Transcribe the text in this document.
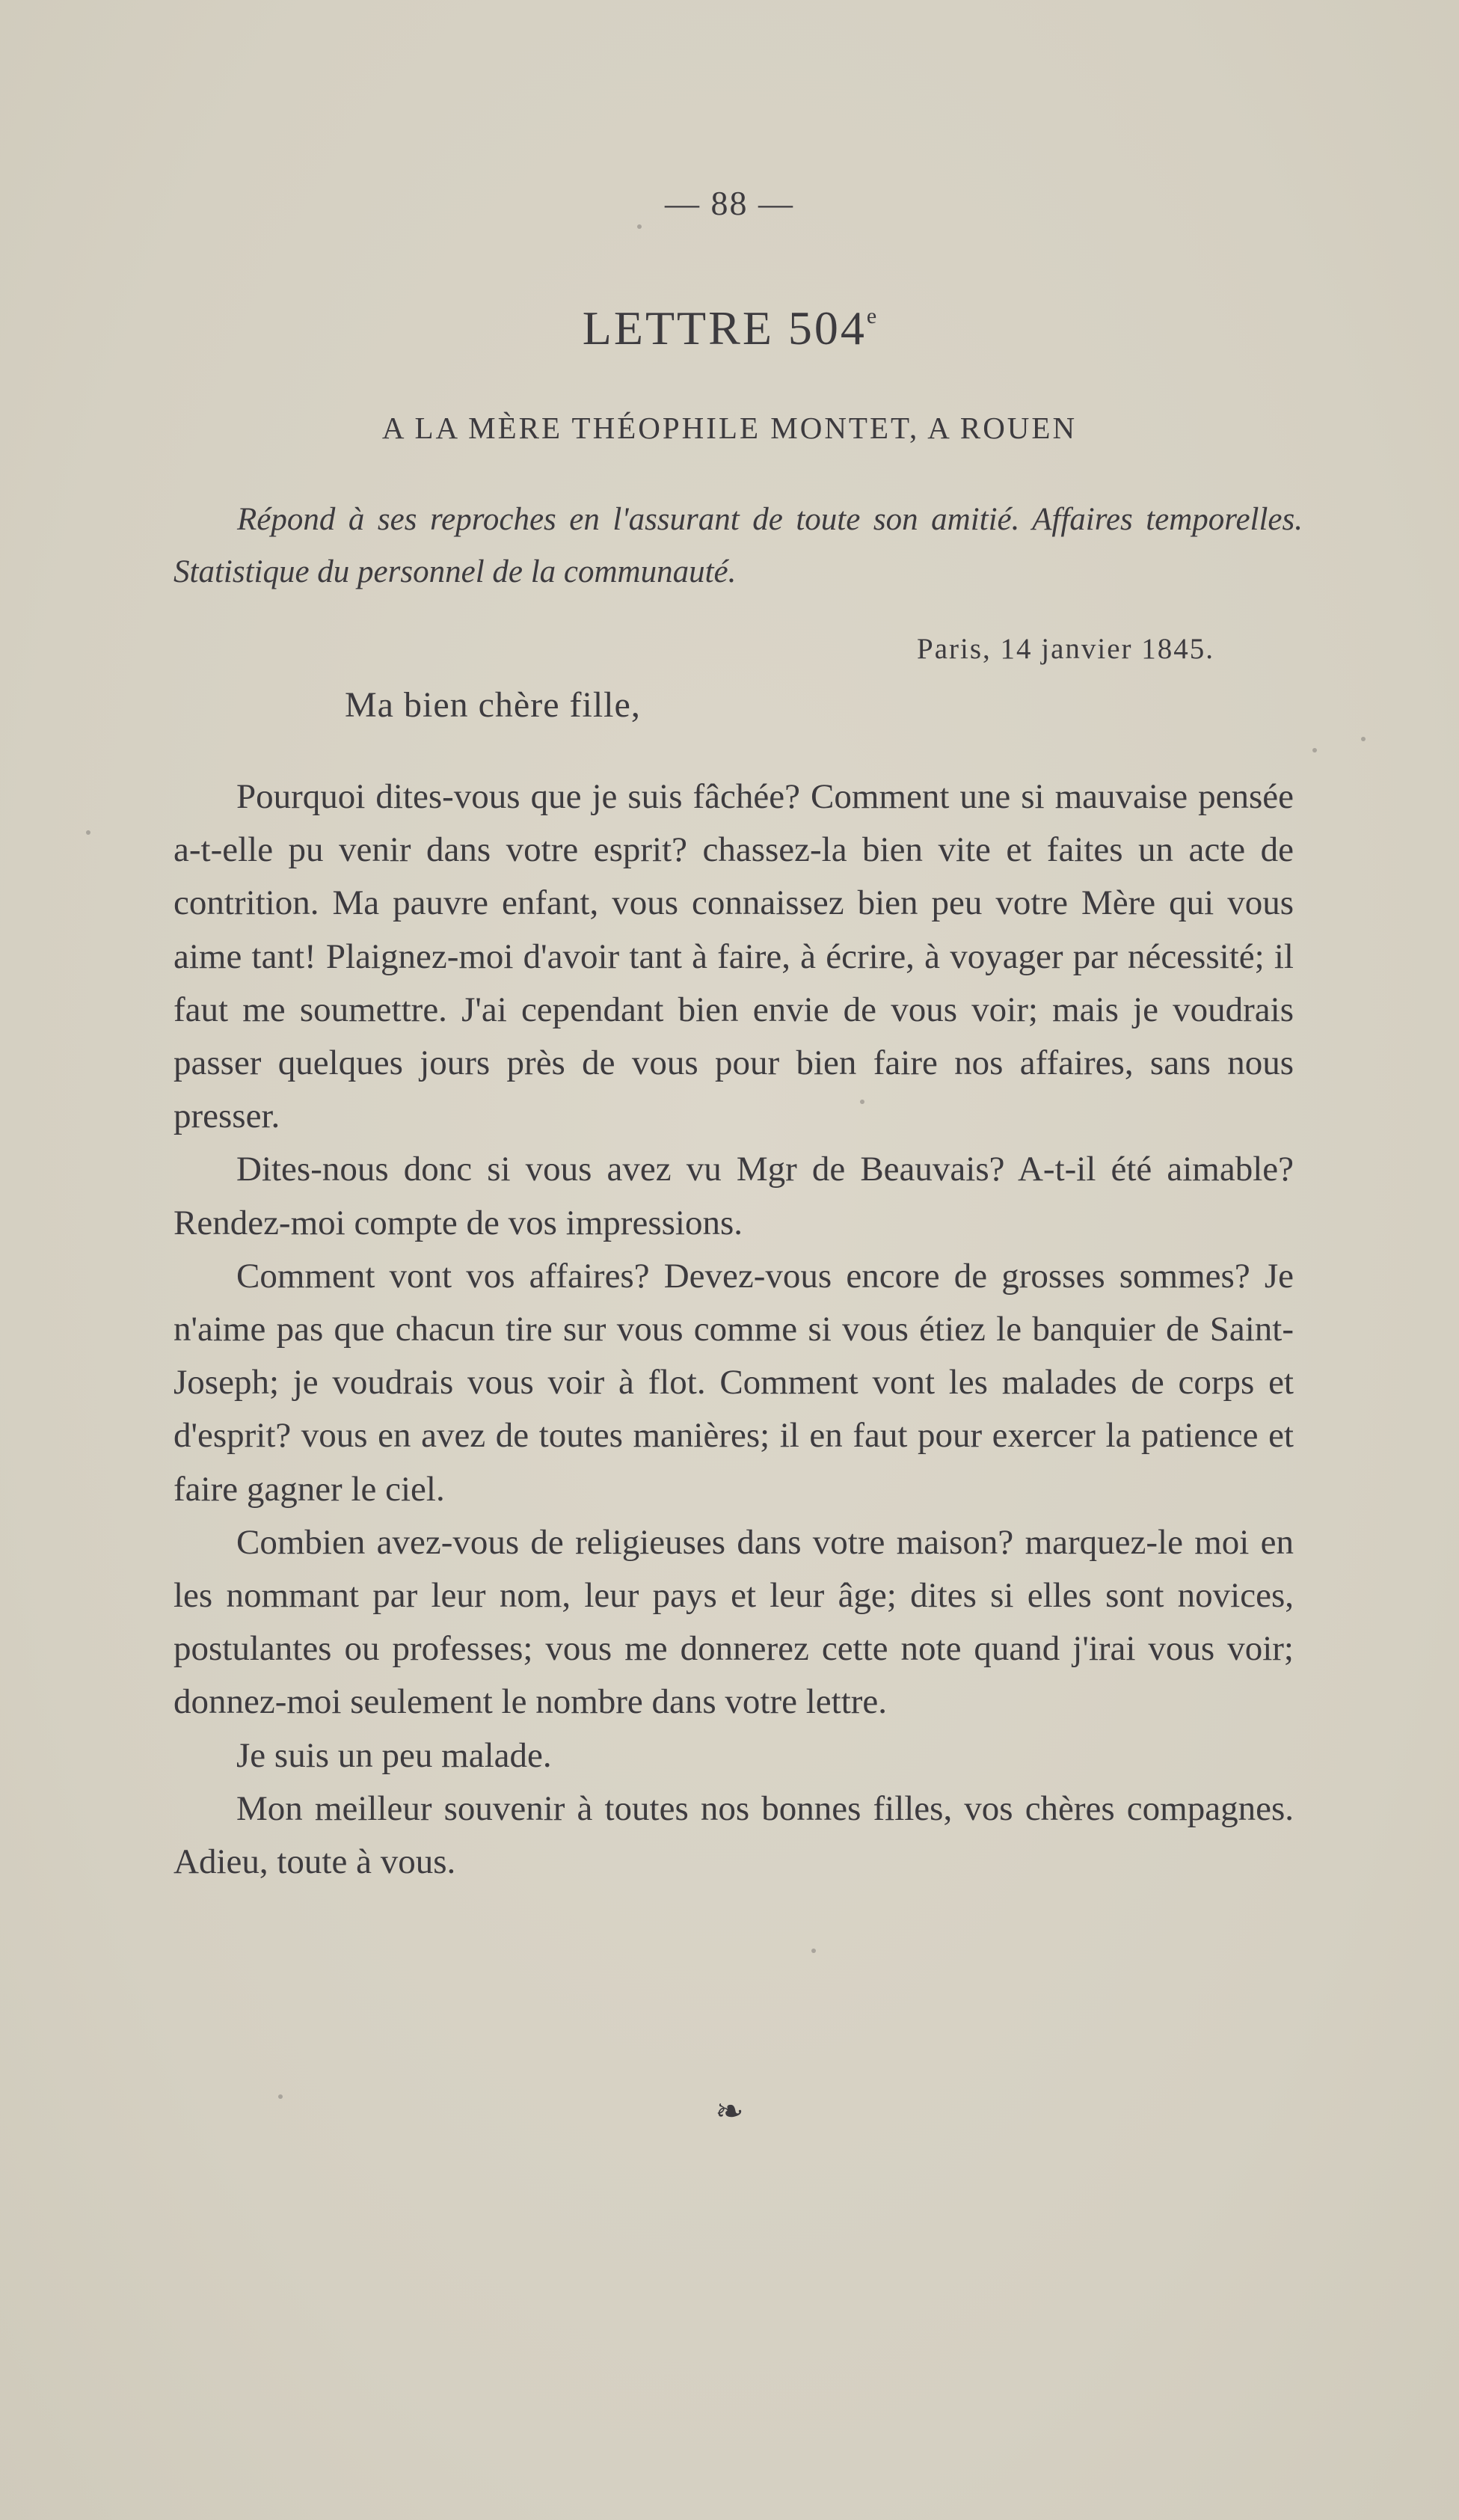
— 88 —
LETTRE 504e
A LA MÈRE THÉOPHILE MONTET, A ROUEN
Répond à ses reproches en l'assurant de toute son amitié. Affaires temporelles. Statistique du personnel de la communauté.
Paris, 14 janvier 1845.
Ma bien chère fille,

Pourquoi dites-vous que je suis fâchée? Comment une si mauvaise pensée a-t-elle pu venir dans votre esprit? chassez-la bien vite et faites un acte de contrition. Ma pauvre enfant, vous connaissez bien peu votre Mère qui vous aime tant! Plaignez-moi d'avoir tant à faire, à écrire, à voyager par nécessité; il faut me soumettre. J'ai cependant bien envie de vous voir; mais je voudrais passer quelques jours près de vous pour bien faire nos affaires, sans nous presser.

Dites-nous donc si vous avez vu Mgr de Beauvais? A-t-il été aimable? Rendez-moi compte de vos impressions.

Comment vont vos affaires? Devez-vous encore de grosses sommes? Je n'aime pas que chacun tire sur vous comme si vous étiez le banquier de Saint-Joseph; je voudrais vous voir à flot. Comment vont les malades de corps et d'esprit? vous en avez de toutes manières; il en faut pour exercer la patience et faire gagner le ciel.

Combien avez-vous de religieuses dans votre maison? marquez-le moi en les nommant par leur nom, leur pays et leur âge; dites si elles sont novices, postulantes ou professes; vous me donnerez cette note quand j'irai vous voir; donnez-moi seulement le nombre dans votre lettre.

Je suis un peu malade.

Mon meilleur souvenir à toutes nos bonnes filles, vos chères compagnes. Adieu, toute à vous.

❧
